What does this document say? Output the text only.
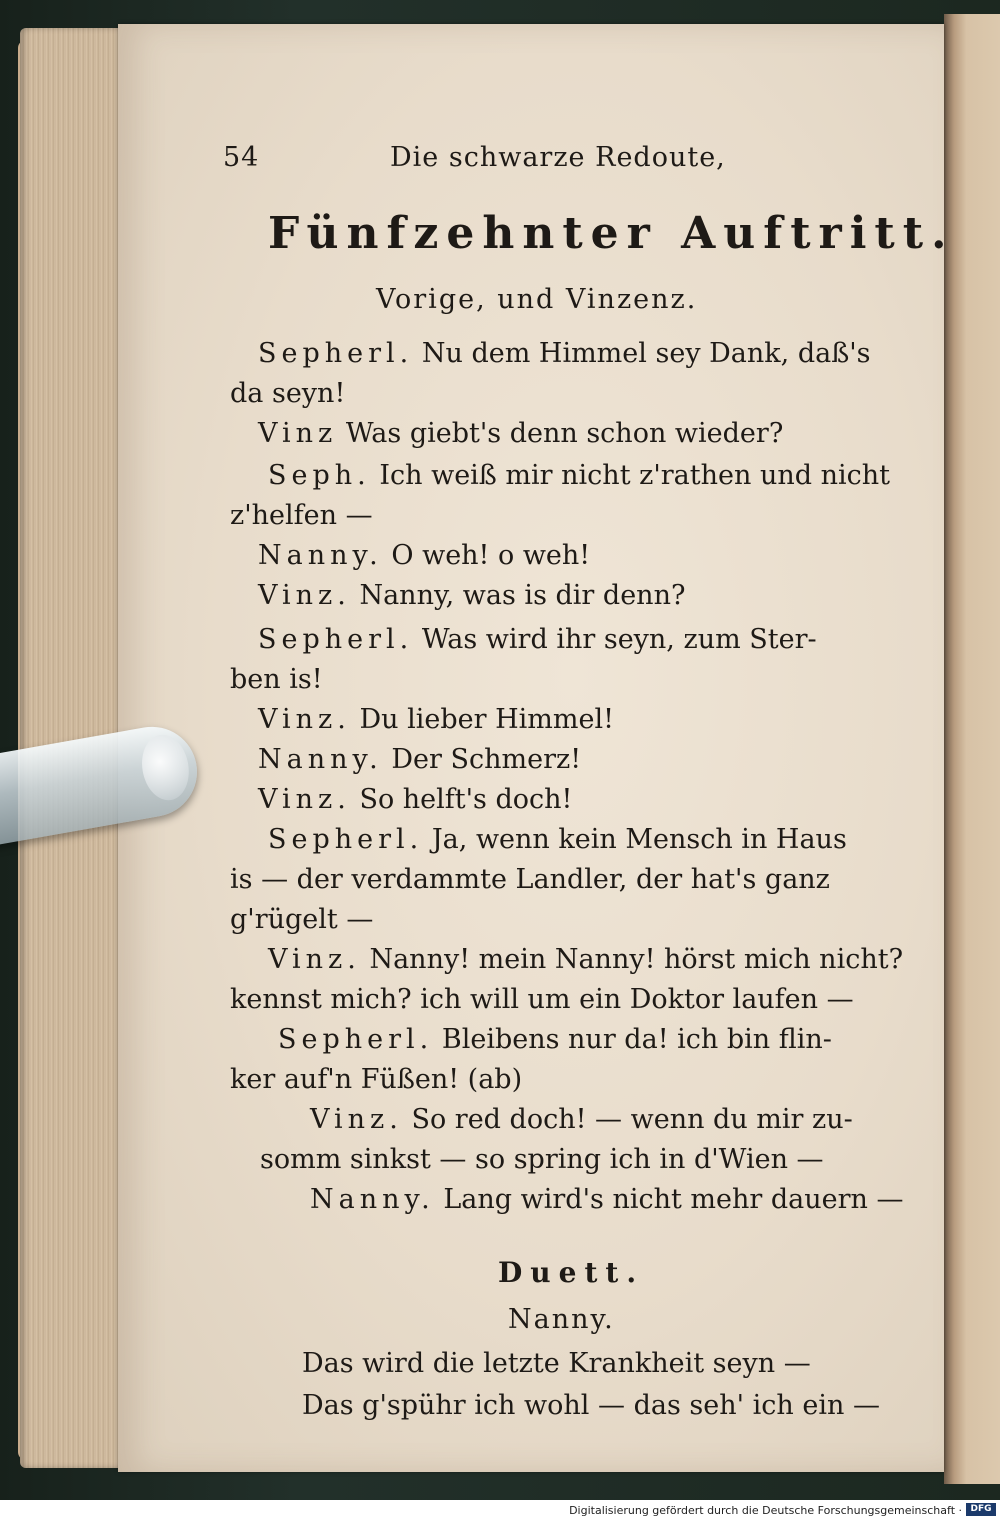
54	Die schwarze Redoute,
Fünfzehnter Auftritt.
Vorige, und Vinzenz.
Sepherl. Nu dem Himmel sey Dank, daß's
da seyn!
Vinz Was giebt's denn schon wieder?
Seph. Ich weiß mir nicht z'rathen und nicht
z'helfen —
Nanny. O weh! o weh!
Vinz. Nanny, was is dir denn?
Sepherl. Was wird ihr seyn, zum Ster-
ben is!
Vinz. Du lieber Himmel!
Nanny. Der Schmerz!
Vinz. So helft's doch!
Sepherl. Ja, wenn kein Mensch in Haus
is — der verdammte Landler, der hat's ganz
g'rügelt —
Vinz. Nanny! mein Nanny! hörst mich nicht?
kennst mich? ich will um ein Doktor laufen —
Sepherl. Bleibens nur da! ich bin flin-
ker auf'n Füßen! (ab)
Vinz. So red doch! — wenn du mir zu-
somm sinkst — so spring ich in d'Wien —
Nanny. Lang wird's nicht mehr dauern —
Duett.
Nanny.
Das wird die letzte Krankheit seyn —
Das g'spühr ich wohl — das seh' ich ein —
Digitalisierung gefördert durch die Deutsche Forschungsgemeinschaft · DFG
